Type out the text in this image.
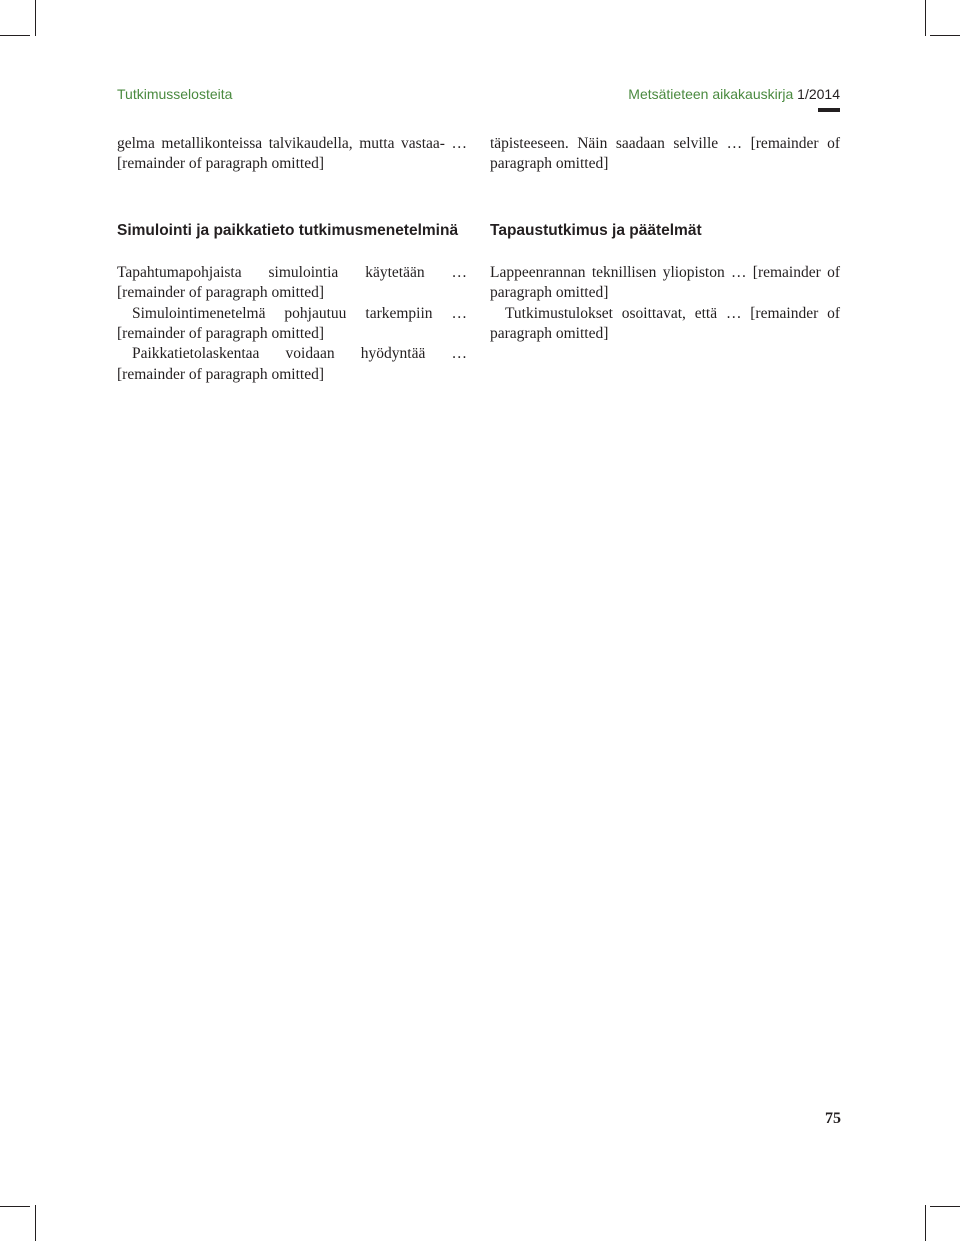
Tutkimusselosteita	Metsätieteen aikakauskirja 1/2014

gelma metallikonteissa talvikaudella, mutta vastaa- … [remainder of paragraph omitted]

Simulointi ja paikkatieto tutkimusmenetelminä

Tapahtumapohjaista simulointia käytetään … [remainder of paragraph omitted]

Simulointimenetelmä pohjautuu tarkempiin … [remainder of paragraph omitted]

Paikkatietolaskentaa voidaan hyödyntää … [remainder of paragraph omitted]

täpisteeseen. Näin saadaan selville … [remainder of paragraph omitted]

Tapaustutkimus ja päätelmät

Lappeenrannan teknillisen yliopiston … [remainder of paragraph omitted]

Tutkimustulokset osoittavat, että … [remainder of paragraph omitted]

75
